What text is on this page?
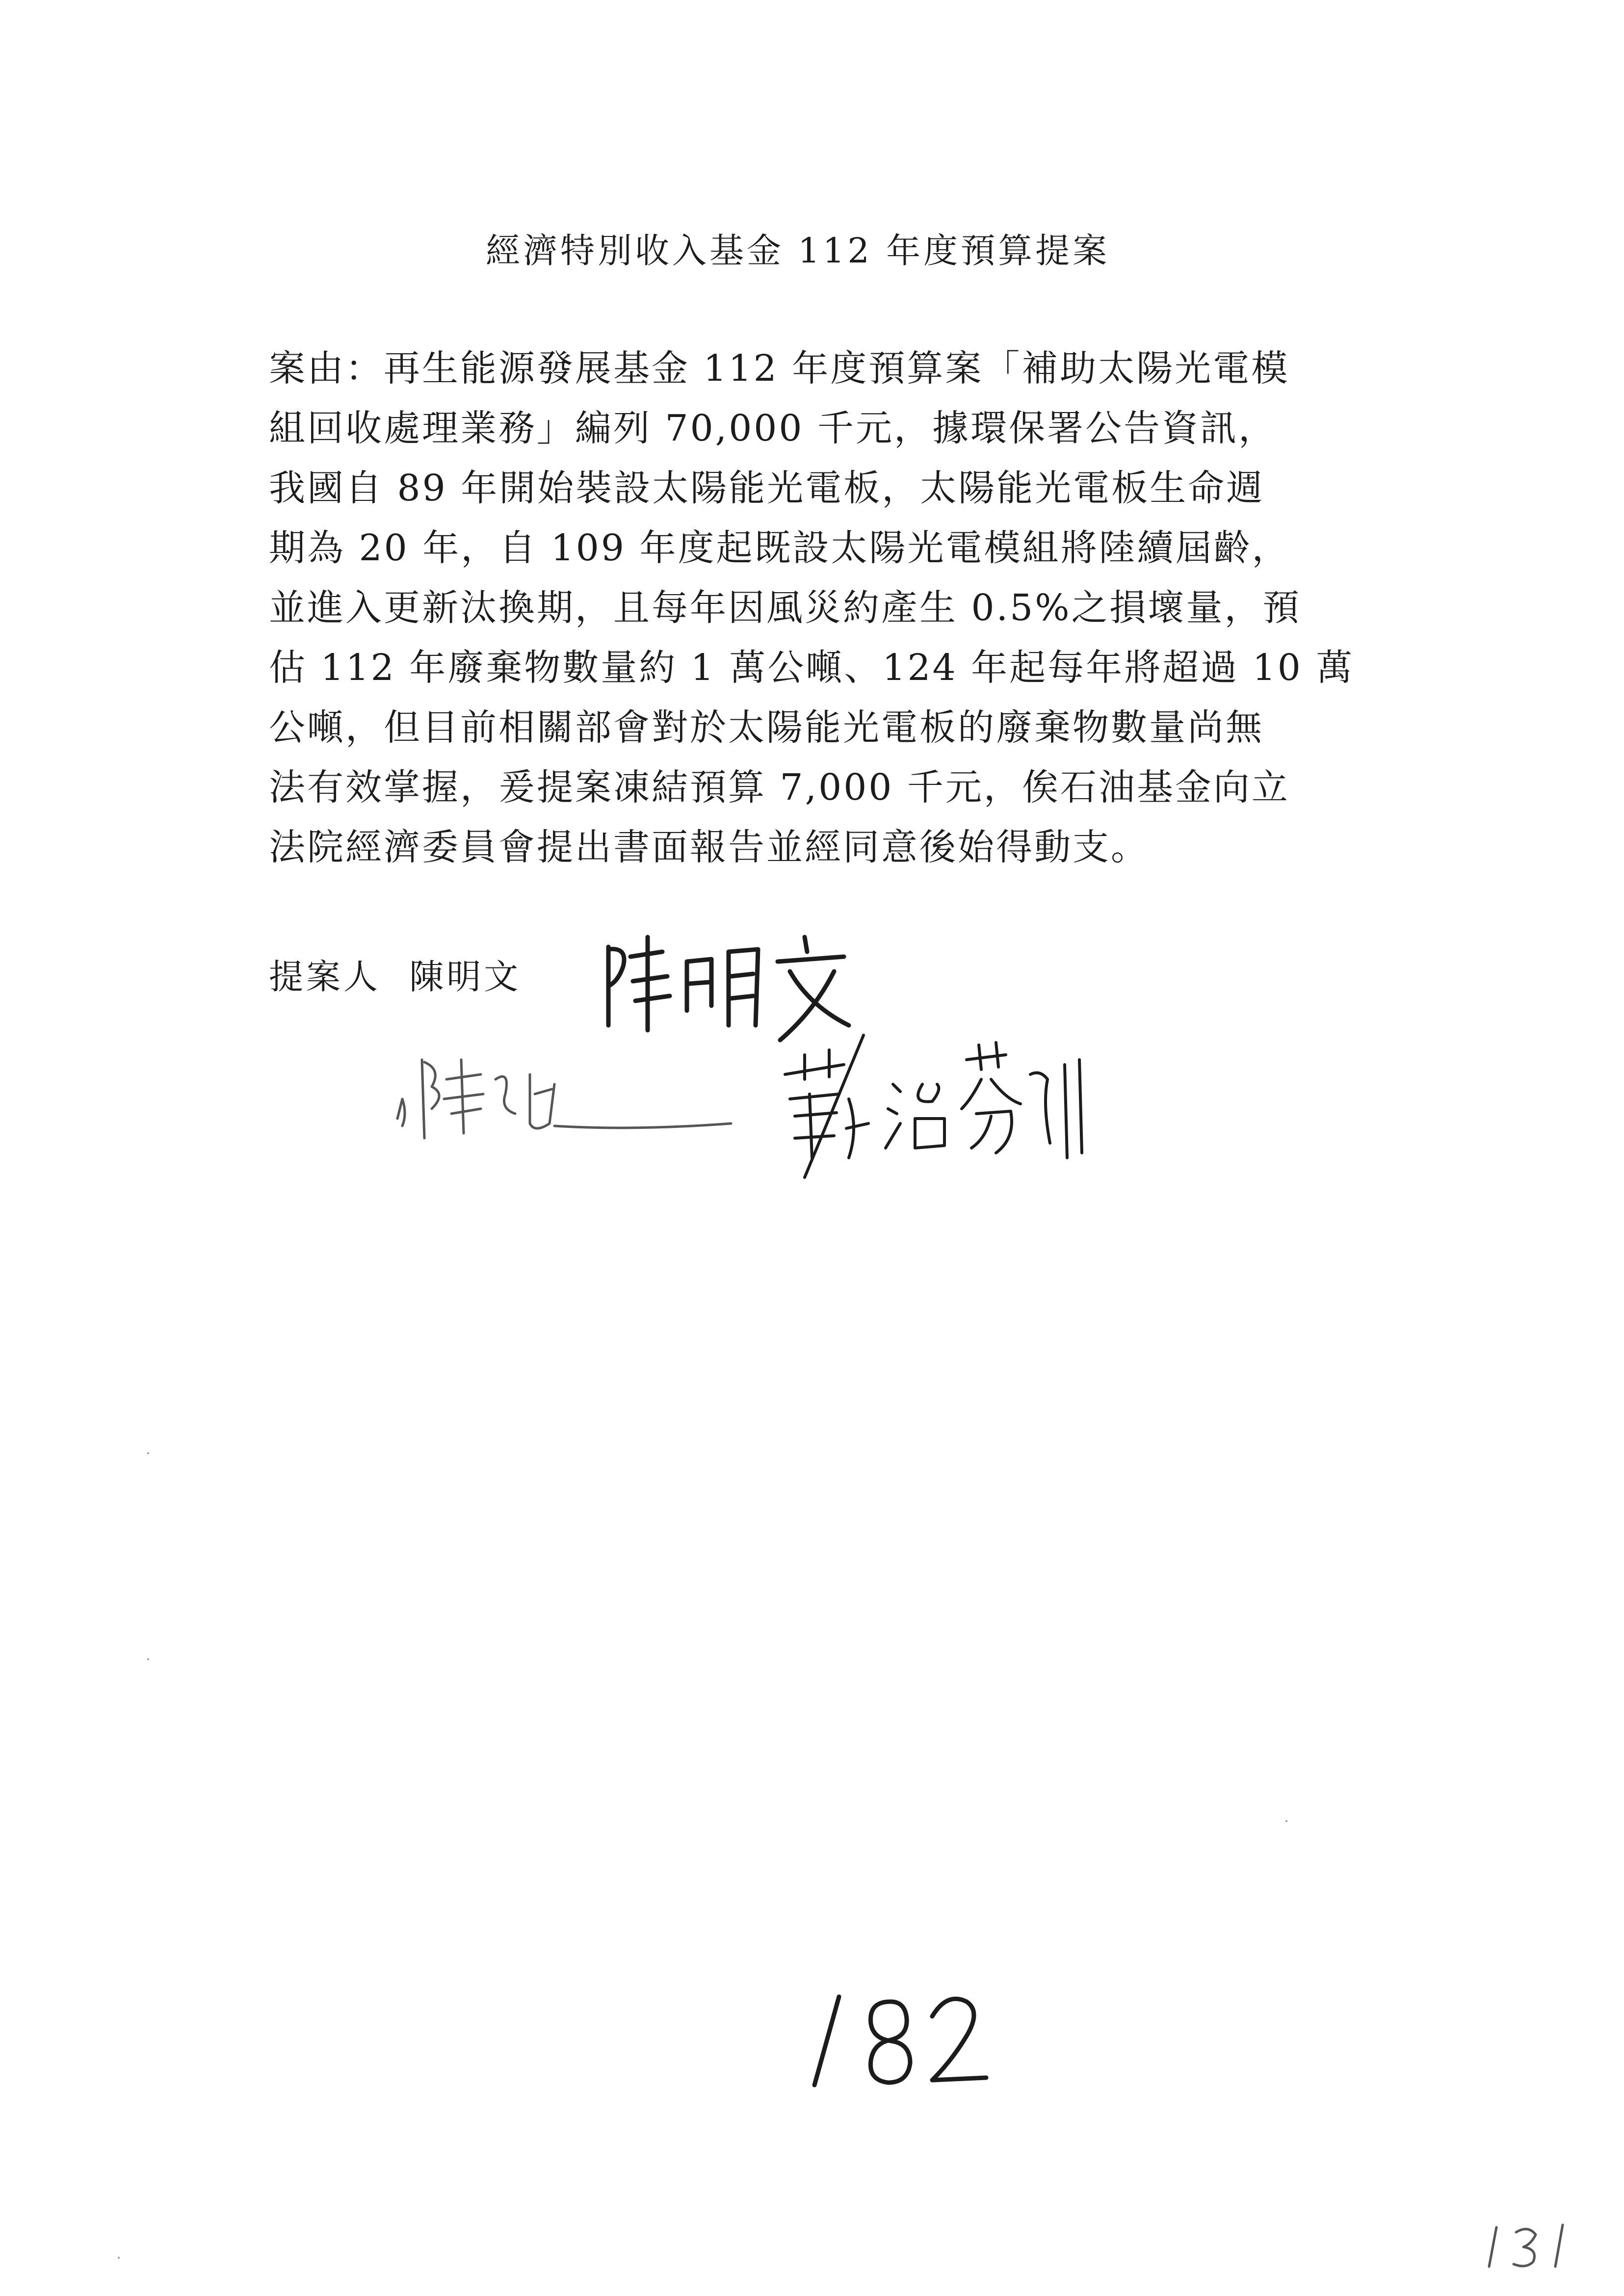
經濟特別收入基金 112 年度預算提案
案由：再生能源發展基金 112 年度預算案「補助太陽光電模
組回收處理業務」編列 70,000 千元，據環保署公告資訊，
我國自 89 年開始裝設太陽能光電板，太陽能光電板生命週
期為 20 年，自 109 年度起既設太陽光電模組將陸續屆齡，
並進入更新汰換期，且每年因風災約產生 0.5%之損壞量，預
估 112 年廢棄物數量約 1 萬公噸、124 年起每年將超過 10 萬
公噸，但目前相關部會對於太陽能光電板的廢棄物數量尚無
法有效掌握，爰提案凍結預算 7,000 千元，俟石油基金向立
法院經濟委員會提出書面報告並經同意後始得動支。
提案人 陳明文
